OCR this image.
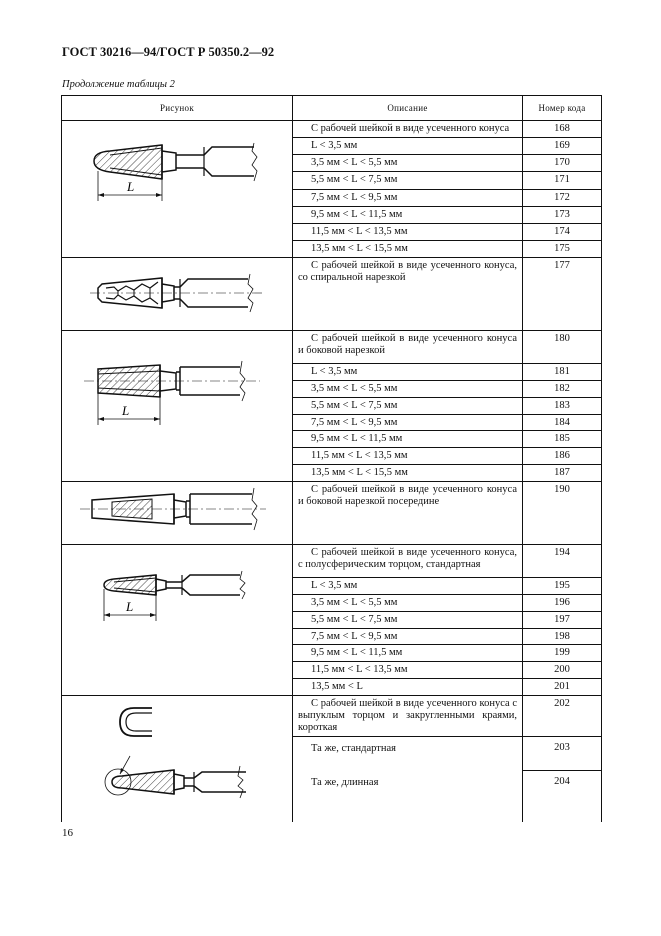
ГОСТ 30216—94/ГОСТ Р 50350.2—92
Продолжение таблицы 2
Рисунок	Описание	Номер кода

L	С рабочей шейкой в виде усеченного конуса	168
	L < 3,5 мм	169
	3,5 мм < L < 5,5 мм	170
	5,5 мм < L < 7,5 мм	171
	7,5 мм < L < 9,5 мм	172
	9,5 мм < L < 11,5 мм	173
	11,5 мм < L < 13,5 мм	174
	13,5 мм < L < 15,5 мм	175

	С рабочей шейкой в виде усеченного конуса, со спиральной нарезкой	177

L	С рабочей шейкой в виде усеченного конуса и боковой нарезкой	180
	L < 3,5 мм	181
	3,5 мм < L < 5,5 мм	182
	5,5 мм < L < 7,5 мм	183
	7,5 мм < L < 9,5 мм	184
	9,5 мм < L < 11,5 мм	185
	11,5 мм < L < 13,5 мм	186
	13,5 мм < L < 15,5 мм	187

	С рабочей шейкой в виде усеченного конуса и боковой нарезкой посередине	190

L	С рабочей шейкой в виде усеченного конуса, с полусферическим торцом, стандартная	194
	L < 3,5 мм	195
	3,5 мм < L < 5,5 мм	196
	5,5 мм < L < 7,5 мм	197
	7,5 мм < L < 9,5 мм	198
	9,5 мм < L < 11,5 мм	199
	11,5 мм < L < 13,5 мм	200
	13,5 мм < L	201

	С рабочей шейкой в виде усеченного конуса с выпуклым торцом и закругленными краями, короткая	202
	Та же, стандартная	203
	Та же, длинная	204
16
